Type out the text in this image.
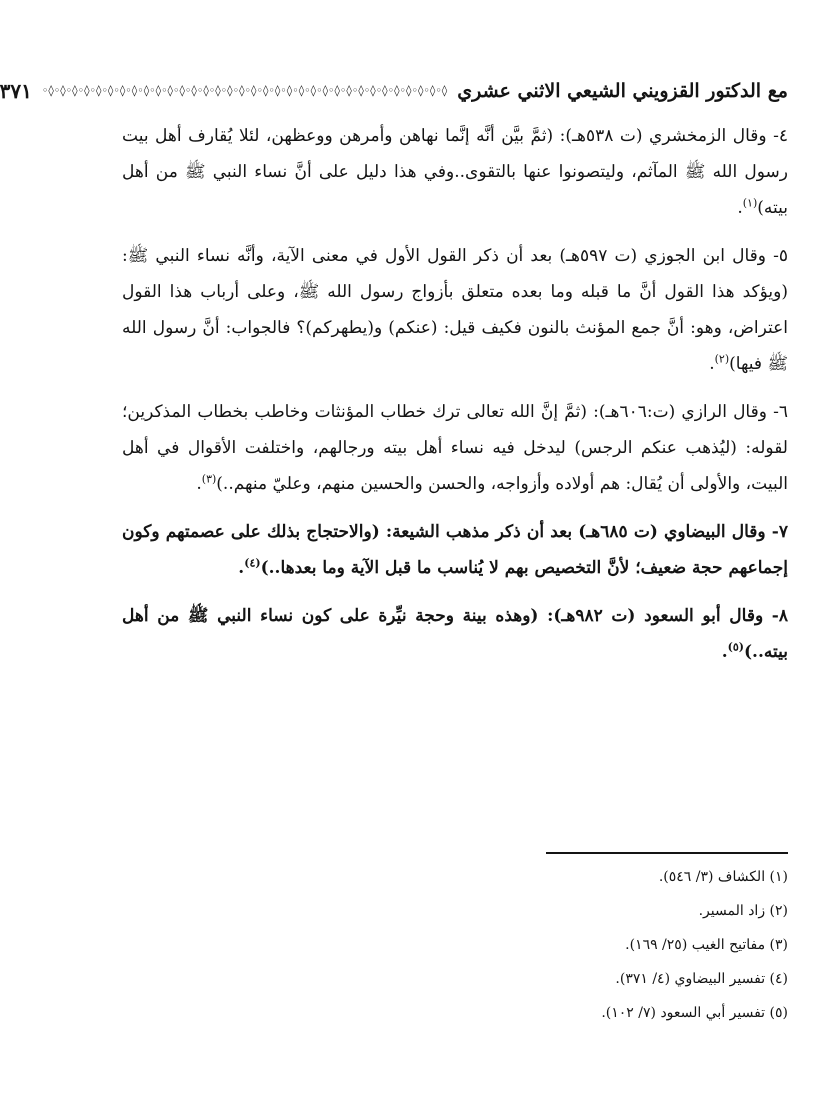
مع الدكتور القزويني الشيعي الاثني عشري
◦◊◦◊◦◊◦◊◦◊◦◊◦◊◦◊◦◊◦◊◦◊◦◊◦◊◦◊◦◊◦◊◦◊◦◊◦◊◦◊◦◊◦◊◦◊◦◊◦◊◦◊◦◊◦◊◦◊◦◊◦◊◦◊◦◊◦◊
٣٧١

٤- وقال الزمخشري (ت ٥٣٨هـ): (ثمَّ بيَّن أنَّه إنَّما نهاهن وأمرهن ووعظهن، لئلا يُقارف أهل بيت رسول الله ﷺ المآثم، وليتصونوا عنها بالتقوى..وفي هذا دليل على أنَّ نساء النبي ﷺ من أهل بيته)$^{(١)}$.

٥- وقال ابن الجوزي (ت ٥٩٧هـ) بعد أن ذكر القول الأول في معنى الآية، وأنَّه نساء النبي ﷺ: (ويؤكد هذا القول أنَّ ما قبله وما بعده متعلق بأزواج رسول الله ﷺ، وعلى أرباب هذا القول اعتراض، وهو: أنَّ جمع المؤنث بالنون فكيف قيل: (عنكم) و(يطهركم)؟ فالجواب: أنَّ رسول الله ﷺ فيها)$^{(٢)}$.

٦- وقال الرازي (ت:٦٠٦هـ): (ثمَّ إنَّ الله تعالى ترك خطاب المؤنثات وخاطب بخطاب المذكرين؛ لقوله: (ليُذهب عنكم الرجس) ليدخل فيه نساء أهل بيته ورجالهم، واختلفت الأقوال في أهل البيت، والأولى أن يُقال: هم أولاده وأزواجه، والحسن والحسين منهم، وعليّ منهم..)$^{(٣)}$.

٧- وقال البيضاوي (ت ٦٨٥هـ) بعد أن ذكر مذهب الشيعة: (والاحتجاج بذلك على عصمتهم وكون إجماعهم حجة ضعيف؛ لأنَّ التخصيص بهم لا يُناسب ما قبل الآية وما بعدها..)$^{(٤)}$.

٨- وقال أبو السعود (ت ٩٨٢هـ): (وهذه بينة وحجة نيِّرة على كون نساء النبي ﷺ من أهل بيته..)$^{(٥)}$.

(١) الكشاف (٣/ ٥٤٦).

(٢) زاد المسير.

(٣) مفاتيح الغيب (٢٥/ ١٦٩).

(٤) تفسير البيضاوي (٤/ ٣٧١).

(٥) تفسير أبي السعود (٧/ ١٠٢).
